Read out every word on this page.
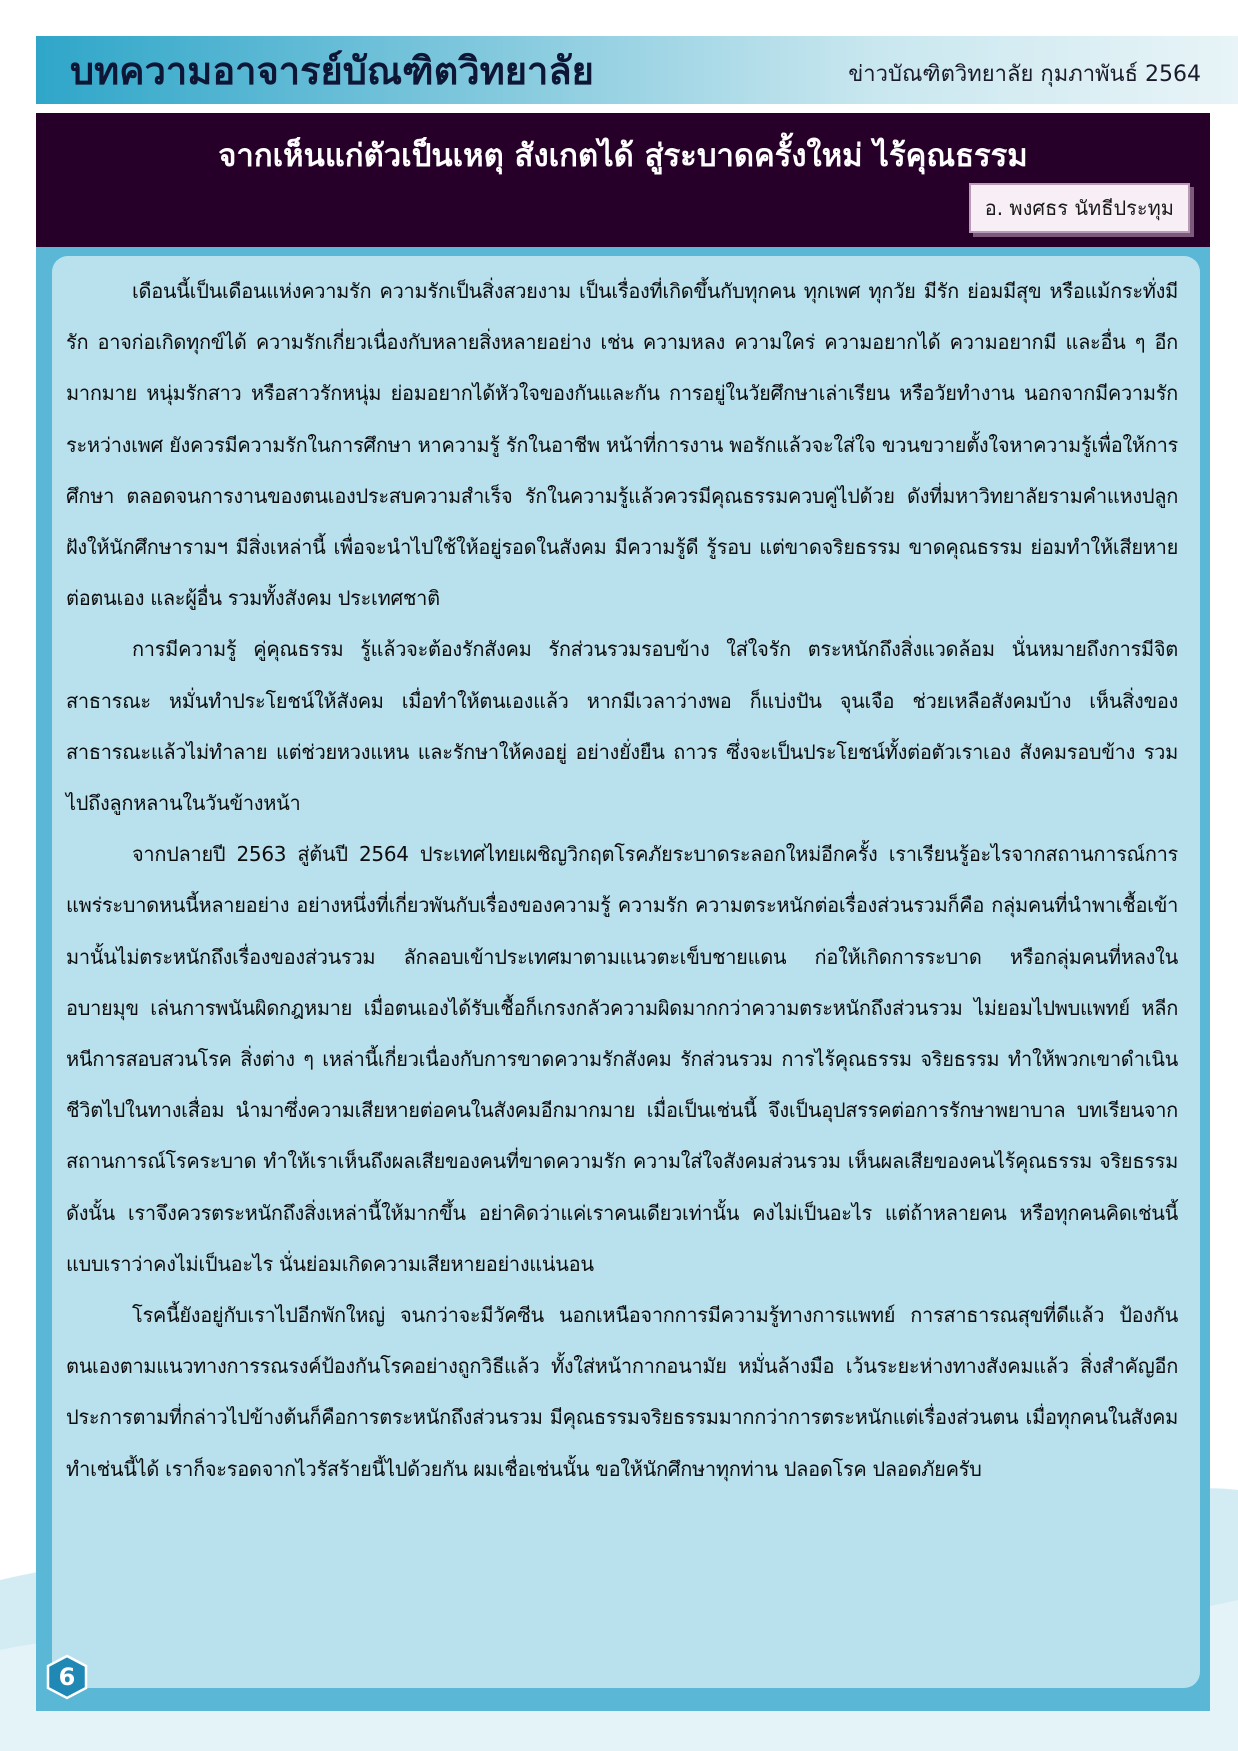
บทความอาจารย์บัณฑิตวิทยาลัย	ข่าวบัณฑิตวิทยาลัย กุมภาพันธ์ 2564
จากเห็นแก่ตัวเป็นเหตุ สังเกตได้ สู่ระบาดครั้งใหม่ ไร้คุณธรรม
อ. พงศธร นัทธีประทุม

เดือนนี้เป็นเดือนแห่งความรัก ความรักเป็นสิ่งสวยงาม เป็นเรื่องที่เกิดขึ้นกับทุกคน ทุกเพศ ทุกวัย มีรัก ย่อมมีสุข หรือแม้กระทั่งมีรัก อาจก่อเกิดทุกข์ได้ ความรักเกี่ยวเนื่องกับหลายสิ่งหลายอย่าง เช่น ความหลง ความใคร่ ความอยากได้ ความอยากมี และอื่น ๆ อีกมากมาย หนุ่มรักสาว หรือสาวรักหนุ่ม ย่อมอยากได้หัวใจของกันและกัน การอยู่ในวัยศึกษาเล่าเรียน หรือวัยทำงาน นอกจากมีความรักระหว่างเพศ ยังควรมีความรักในการศึกษา หาความรู้ รักในอาชีพ หน้าที่การงาน พอรักแล้วจะใส่ใจ ขวนขวายตั้งใจหาความรู้เพื่อให้การศึกษา ตลอดจนการงานของตนเองประสบความสำเร็จ รักในความรู้แล้วควรมีคุณธรรมควบคู่ไปด้วย ดังที่มหาวิทยาลัยรามคำแหงปลูกฝังให้นักศึกษารามฯ มีสิ่งเหล่านี้ เพื่อจะนำไปใช้ให้อยู่รอดในสังคม มีความรู้ดี รู้รอบ แต่ขาดจริยธรรม ขาดคุณธรรม ย่อมทำให้เสียหายต่อตนเอง และผู้อื่น รวมทั้งสังคม ประเทศชาติ

การมีความรู้ คู่คุณธรรม รู้แล้วจะต้องรักสังคม รักส่วนรวมรอบข้าง ใส่ใจรัก ตระหนักถึงสิ่งแวดล้อม นั่นหมายถึงการมีจิตสาธารณะ หมั่นทำประโยชน์ให้สังคม เมื่อทำให้ตนเองแล้ว หากมีเวลาว่างพอ ก็แบ่งปัน จุนเจือ ช่วยเหลือสังคมบ้าง เห็นสิ่งของสาธารณะแล้วไม่ทำลาย แต่ช่วยหวงแหน และรักษาให้คงอยู่ อย่างยั่งยืน ถาวร ซึ่งจะเป็นประโยชน์ทั้งต่อตัวเราเอง สังคมรอบข้าง รวมไปถึงลูกหลานในวันข้างหน้า

จากปลายปี 2563 สู่ต้นปี 2564 ประเทศไทยเผชิญวิกฤตโรคภัยระบาดระลอกใหม่อีกครั้ง เราเรียนรู้อะไรจากสถานการณ์การแพร่ระบาดหนนี้หลายอย่าง อย่างหนึ่งที่เกี่ยวพันกับเรื่องของความรู้ ความรัก ความตระหนักต่อเรื่องส่วนรวมก็คือ กลุ่มคนที่นำพาเชื้อเข้ามานั้นไม่ตระหนักถึงเรื่องของส่วนรวม ลักลอบเข้าประเทศมาตามแนวตะเข็บชายแดน ก่อให้เกิดการระบาด หรือกลุ่มคนที่หลงในอบายมุข เล่นการพนันผิดกฎหมาย เมื่อตนเองได้รับเชื้อก็เกรงกลัวความผิดมากกว่าความตระหนักถึงส่วนรวม ไม่ยอมไปพบแพทย์ หลีกหนีการสอบสวนโรค สิ่งต่าง ๆ เหล่านี้เกี่ยวเนื่องกับการขาดความรักสังคม รักส่วนรวม การไร้คุณธรรม จริยธรรม ทำให้พวกเขาดำเนินชีวิตไปในทางเสื่อม นำมาซึ่งความเสียหายต่อคนในสังคมอีกมากมาย เมื่อเป็นเช่นนี้ จึงเป็นอุปสรรคต่อการรักษาพยาบาล บทเรียนจากสถานการณ์โรคระบาด ทำให้เราเห็นถึงผลเสียของคนที่ขาดความรัก ความใส่ใจสังคมส่วนรวม เห็นผลเสียของคนไร้คุณธรรม จริยธรรม ดังนั้น เราจึงควรตระหนักถึงสิ่งเหล่านี้ให้มากขึ้น อย่าคิดว่าแค่เราคนเดียวเท่านั้น คงไม่เป็นอะไร แต่ถ้าหลายคน หรือทุกคนคิดเช่นนี้แบบเราว่าคงไม่เป็นอะไร นั่นย่อมเกิดความเสียหายอย่างแน่นอน

โรคนี้ยังอยู่กับเราไปอีกพักใหญ่ จนกว่าจะมีวัคซีน นอกเหนือจากการมีความรู้ทางการแพทย์ การสาธารณสุขที่ดีแล้ว ป้องกันตนเองตามแนวทางการรณรงค์ป้องกันโรคอย่างถูกวิธีแล้ว ทั้งใส่หน้ากากอนามัย หมั่นล้างมือ เว้นระยะห่างทางสังคมแล้ว สิ่งสำคัญอีกประการตามที่กล่าวไปข้างต้นก็คือการตระหนักถึงส่วนรวม มีคุณธรรมจริยธรรมมากกว่าการตระหนักแต่เรื่องส่วนตน เมื่อทุกคนในสังคมทำเช่นนี้ได้ เราก็จะรอดจากไวรัสร้ายนี้ไปด้วยกัน ผมเชื่อเช่นนั้น ขอให้นักศึกษาทุกท่าน ปลอดโรค ปลอดภัยครับ

6
